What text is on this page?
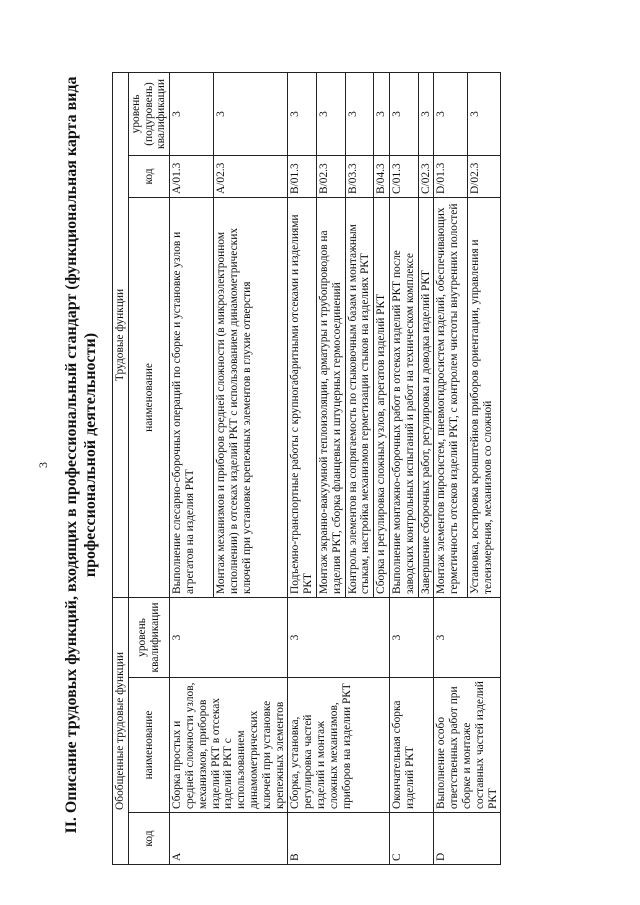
3 II. Описание трудовых функций, входящих в профессиональный стандарт (функциональная карта вида профессиональной деятельности)
Обобщенные трудовые функции			Трудовые функции		
код	наименование	уровень квалификации	наименование	код	уровень (подуровень) квалификации
A	Сборка простых и средней сложности узлов, механизмов, приборов изделий РКТ в отсеках изделий РКТ с использованием динамометрических ключей при установке крепежных элементов	3	Выполнение слесарно-сборочных операций по сборке и установке узлов и агрегатов на изделия РКТ	A/01.3	3
			Монтаж механизмов и приборов средней сложности (в микроэлектронном исполнении) в отсеках изделий РКТ с использованием динамометрических ключей при установке крепежных элементов в глухие отверстия	A/02.3	3
B	Сборка, установка, регулировка частей изделий и монтаж сложных механизмов, приборов на изделии РКТ	3	Подъемно-транспортные работы с крупногабаритными отсеками и изделиями РКТ	B/01.3	3
			Монтаж экранно-вакуумной теплоизоляции, арматуры и трубопроводов на изделия РКТ, сборка фланцевых и штуцерных гермосоединений	B/02.3	3
			Контроль элементов на сопрягаемость по стыковочным базам и монтажным стыкам, настройка механизмов герметизации стыков на изделиях РКТ	B/03.3	3
			Сборка и регулировка сложных узлов, агрегатов изделий РКТ	B/04.3	3
C	Окончательная сборка изделий РКТ	3	Выполнение монтажно-сборочных работ в отсеках изделий РКТ после заводских контрольных испытаний и работ на техническом комплексе	C/01.3	3
			Завершение сборочных работ, регулировка и доводка изделий РКТ	C/02.3	3
D	Выполнение особо ответственных работ при сборке и монтаже составных частей изделий РКТ	3	Монтаж элементов пиросистем, пневмогидросистем изделий, обеспечивающих герметичность отсеков изделий РКТ, с контролем чистоты внутренних полостей	D/01.3	3
			Установка, юстировка кронштейнов приборов ориентации, управления и телеизмерения, механизмов со сложной	D/02.3	3
